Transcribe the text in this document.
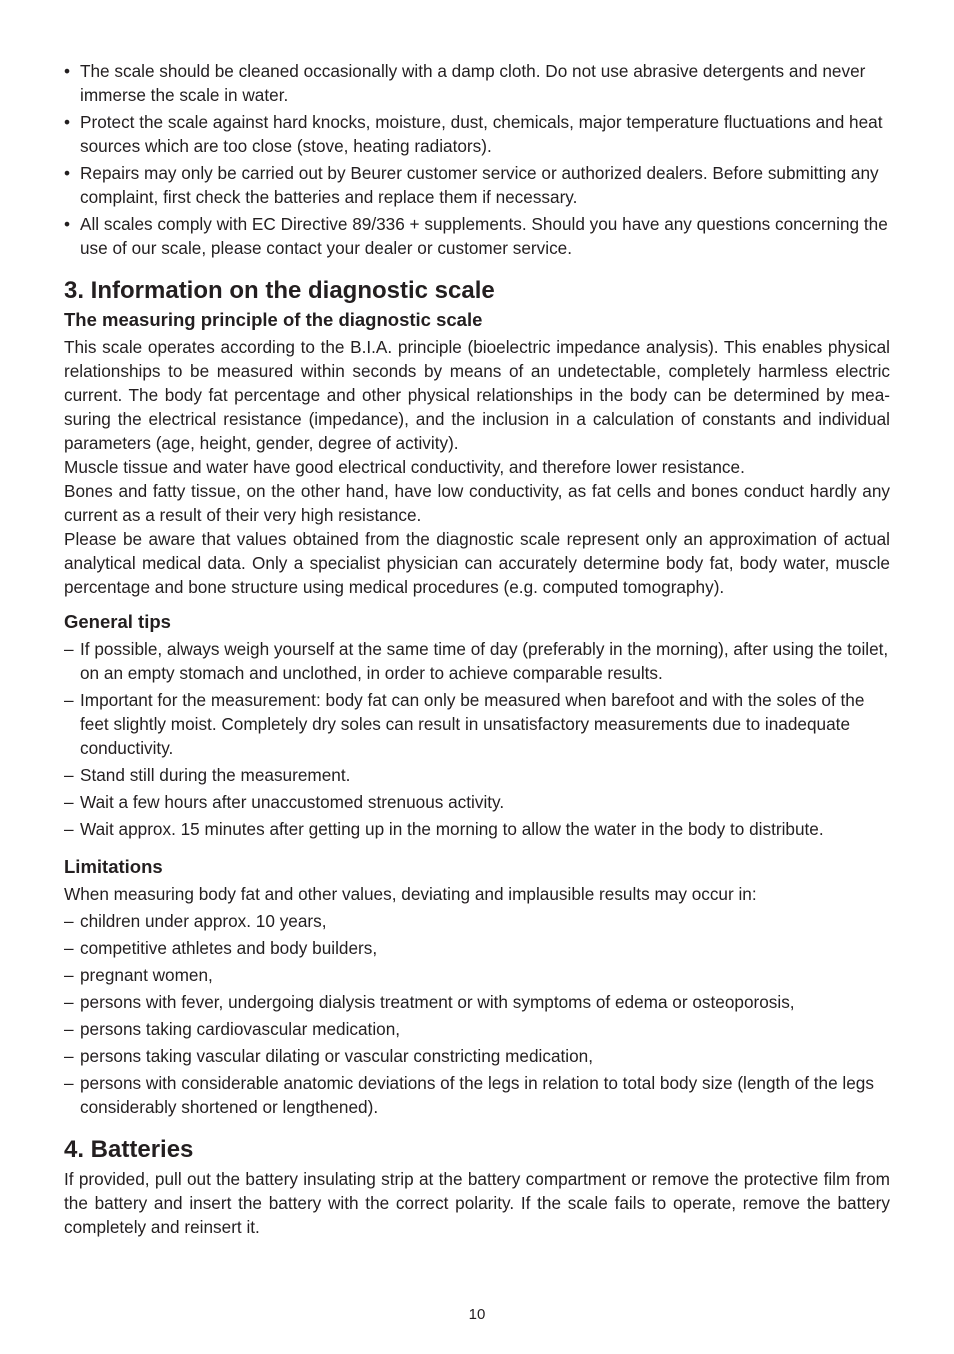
• The scale should be cleaned occasionally with a damp cloth. Do not use abrasive detergents and never immerse the scale in water.
• Protect the scale against hard knocks, moisture, dust, chemicals, major temperature fluctuations and heat sources which are too close (stove, heating radiators).
• Repairs may only be carried out by Beurer customer service or authorized dealers. Before submitting any complaint, first check the batteries and replace them if necessary.
• All scales comply with EC Directive 89/336 + supplements. Should you have any questions concerning the use of our scale, please contact your dealer or customer service.
3. Information on the diagnostic scale
The measuring principle of the diagnostic scale

This scale operates according to the B.I.A. principle (bioelectric impedance analysis). This enables physical relationships to be measured within seconds by means of an undetectable, completely harmless electric current. The body fat percentage and other physical relationships in the body can be determined by measuring the electrical resistance (impedance), and the inclusion in a calculation of constants and individual parameters (age, height, gender, degree of activity).

Muscle tissue and water have good electrical conductivity, and therefore lower resistance.

Bones and fatty tissue, on the other hand, have low conductivity, as fat cells and bones conduct hardly any current as a result of their very high resistance.

Please be aware that values obtained from the diagnostic scale represent only an approximation of actual analytical medical data. Only a specialist physician can accurately determine body fat, body water, muscle percentage and bone structure using medical procedures (e.g. computed tomography).

General tips
– If possible, always weigh yourself at the same time of day (preferably in the morning), after using the toilet, on an empty stomach and unclothed, in order to achieve comparable results.
– Important for the measurement: body fat can only be measured when barefoot and with the soles of the feet slightly moist. Completely dry soles can result in unsatisfactory measurements due to inadequate conductivity.
– Stand still during the measurement.
– Wait a few hours after unaccustomed strenuous activity.
– Wait approx. 15 minutes after getting up in the morning to allow the water in the body to distribute.
Limitations

When measuring body fat and other values, deviating and implausible results may occur in:

– children under approx. 10 years,
– competitive athletes and body builders,
– pregnant women,
– persons with fever, undergoing dialysis treatment or with symptoms of edema or osteoporosis,
– persons taking cardiovascular medication,
– persons taking vascular dilating or vascular constricting medication,
– persons with considerable anatomic deviations of the legs in relation to total body size (length of the legs considerably shortened or lengthened).
4. Batteries

If provided, pull out the battery insulating strip at the battery compartment or remove the protective film from the battery and insert the battery with the correct polarity. If the scale fails to operate, remove the battery completely and reinsert it.

10
